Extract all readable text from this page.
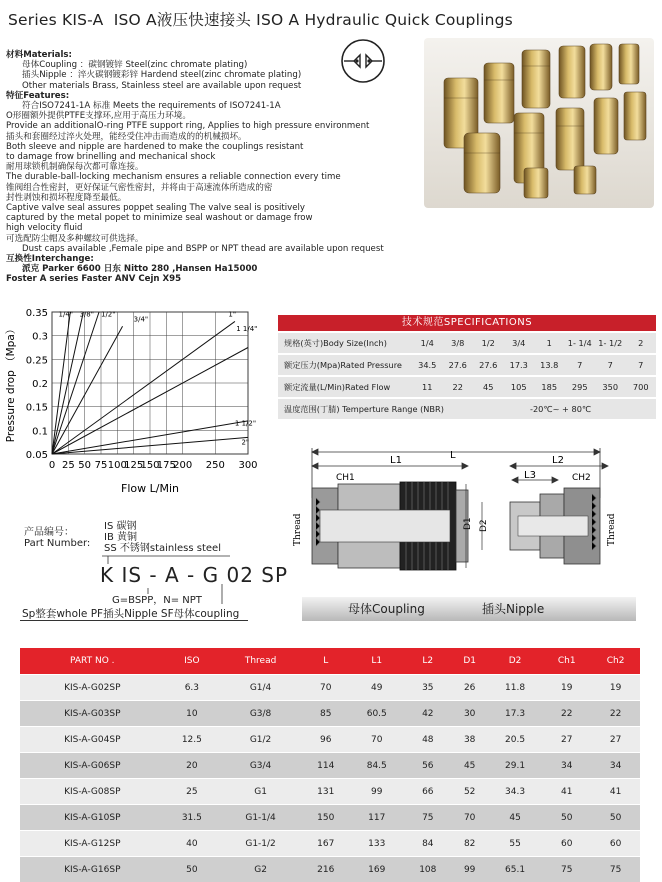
Series KIS-A ISO A液压快速接头 ISO A Hydraulic Quick Couplings
材料Materials:
母体Coupling ：碳钢镀锌 Steel(zinc chromate plating)
插头Nipple ：淬火碳钢镀彩锌 Hardend steel(zinc chromate plating)
Other materials Brass, Stainless steel are available upon request
特征Features:
符合ISO7241-1A 标准 Meets the requirements of ISO7241-1A
O形圈额外提供PTFE支撑环,应用于高压力环境。
Provide an additionalO-ring PTFE support ring, Applies to high pressure environment
插头和套圈经过淬火处理，能经受住冲击而造成的的机械损坏。
Both sleeve and nipple are hardened to make the couplings resistant
to damage frow brinelling and mechanical shock
耐用球锁机制确保每次都可靠连接。
The durable-ball-locking mechanism ensures a reliable connection every time
锥阀组合性密封，更好保证气密性密封，并将由于高速流体所造成的密
封性剥蚀和损坏程度降至最低。
Captive valve seal assures poppet sealing The valve seal is positively
captured by the metal popet to minimize seal washout or damage frow
high velocity fluid
可选配防尘帽及多种螺纹可供选择。
Dust caps available ,Female pipe and BSPP or NPT thead are available upon request
互换性Interchange:
派克 Parker 6600 日东 Nitto 280 ,Hansen Ha15000
Foster A series Faster ANV Cejn X95
0 25 50 75 100
125
150
175
200 250 300
0.35
0.3
0.25
0.2
0.15
0.1
0.05
1/4" 3/8" 1/2"
3/4"
1"
1 1/4"
1 1/2"
2"
Flow L/Min
Pressure drop （Mpa）
技术规范SPECIFICATIONS
规格(英寸)Body Size(Inch)	1/4	3/8	1/2	3/4	1	1- 1/4 1- 1/2	2
额定压力(Mpa)Rated Pressure	34.5	27.6	27.6	17.3	13.8	7	7	7
额定流量(L/Min)Rated Flow	11	22	45	105	185	295	350	700
温度范围(丁腈) Temperture Range (NBR)	-20℃~ + 80℃
L
L1	L2
L3
CH1	CH2
D1 D2
Thread	Thread
产品编号：
Part Number:
IS 碳钢
IB 黄铜
SS 不锈钢stainless steel
K IS - A - G 02 SP
G=BSPP，N= NPT
Sp整套whole PF插头Nipple SF母体coupling	母体Coupling	插头Nipple
PART NO .	ISO	Thread	L	L1	L2	D1	D2	Ch1	Ch2
KIS-A-G02SP	6.3	G1/4	70	49	35	26	11.8	19	19
KIS-A-G03SP	10	G3/8	85	60.5	42	30	17.3	22	22
KIS-A-G04SP	12.5	G1/2	96	70	48	38	20.5	27	27
KIS-A-G06SP	20	G3/4	114	84.5	56	45	29.1	34	34
KIS-A-G08SP	25	G1	131	99	66	52	34.3	41	41
KIS-A-G10SP	31.5	G1-1/4	150	117	75	70	45	50	50
KIS-A-G12SP	40	G1-1/2	167	133	84	82	55	60	60
KIS-A-G16SP	50	G2	216	169	108	99	65.1	75	75
